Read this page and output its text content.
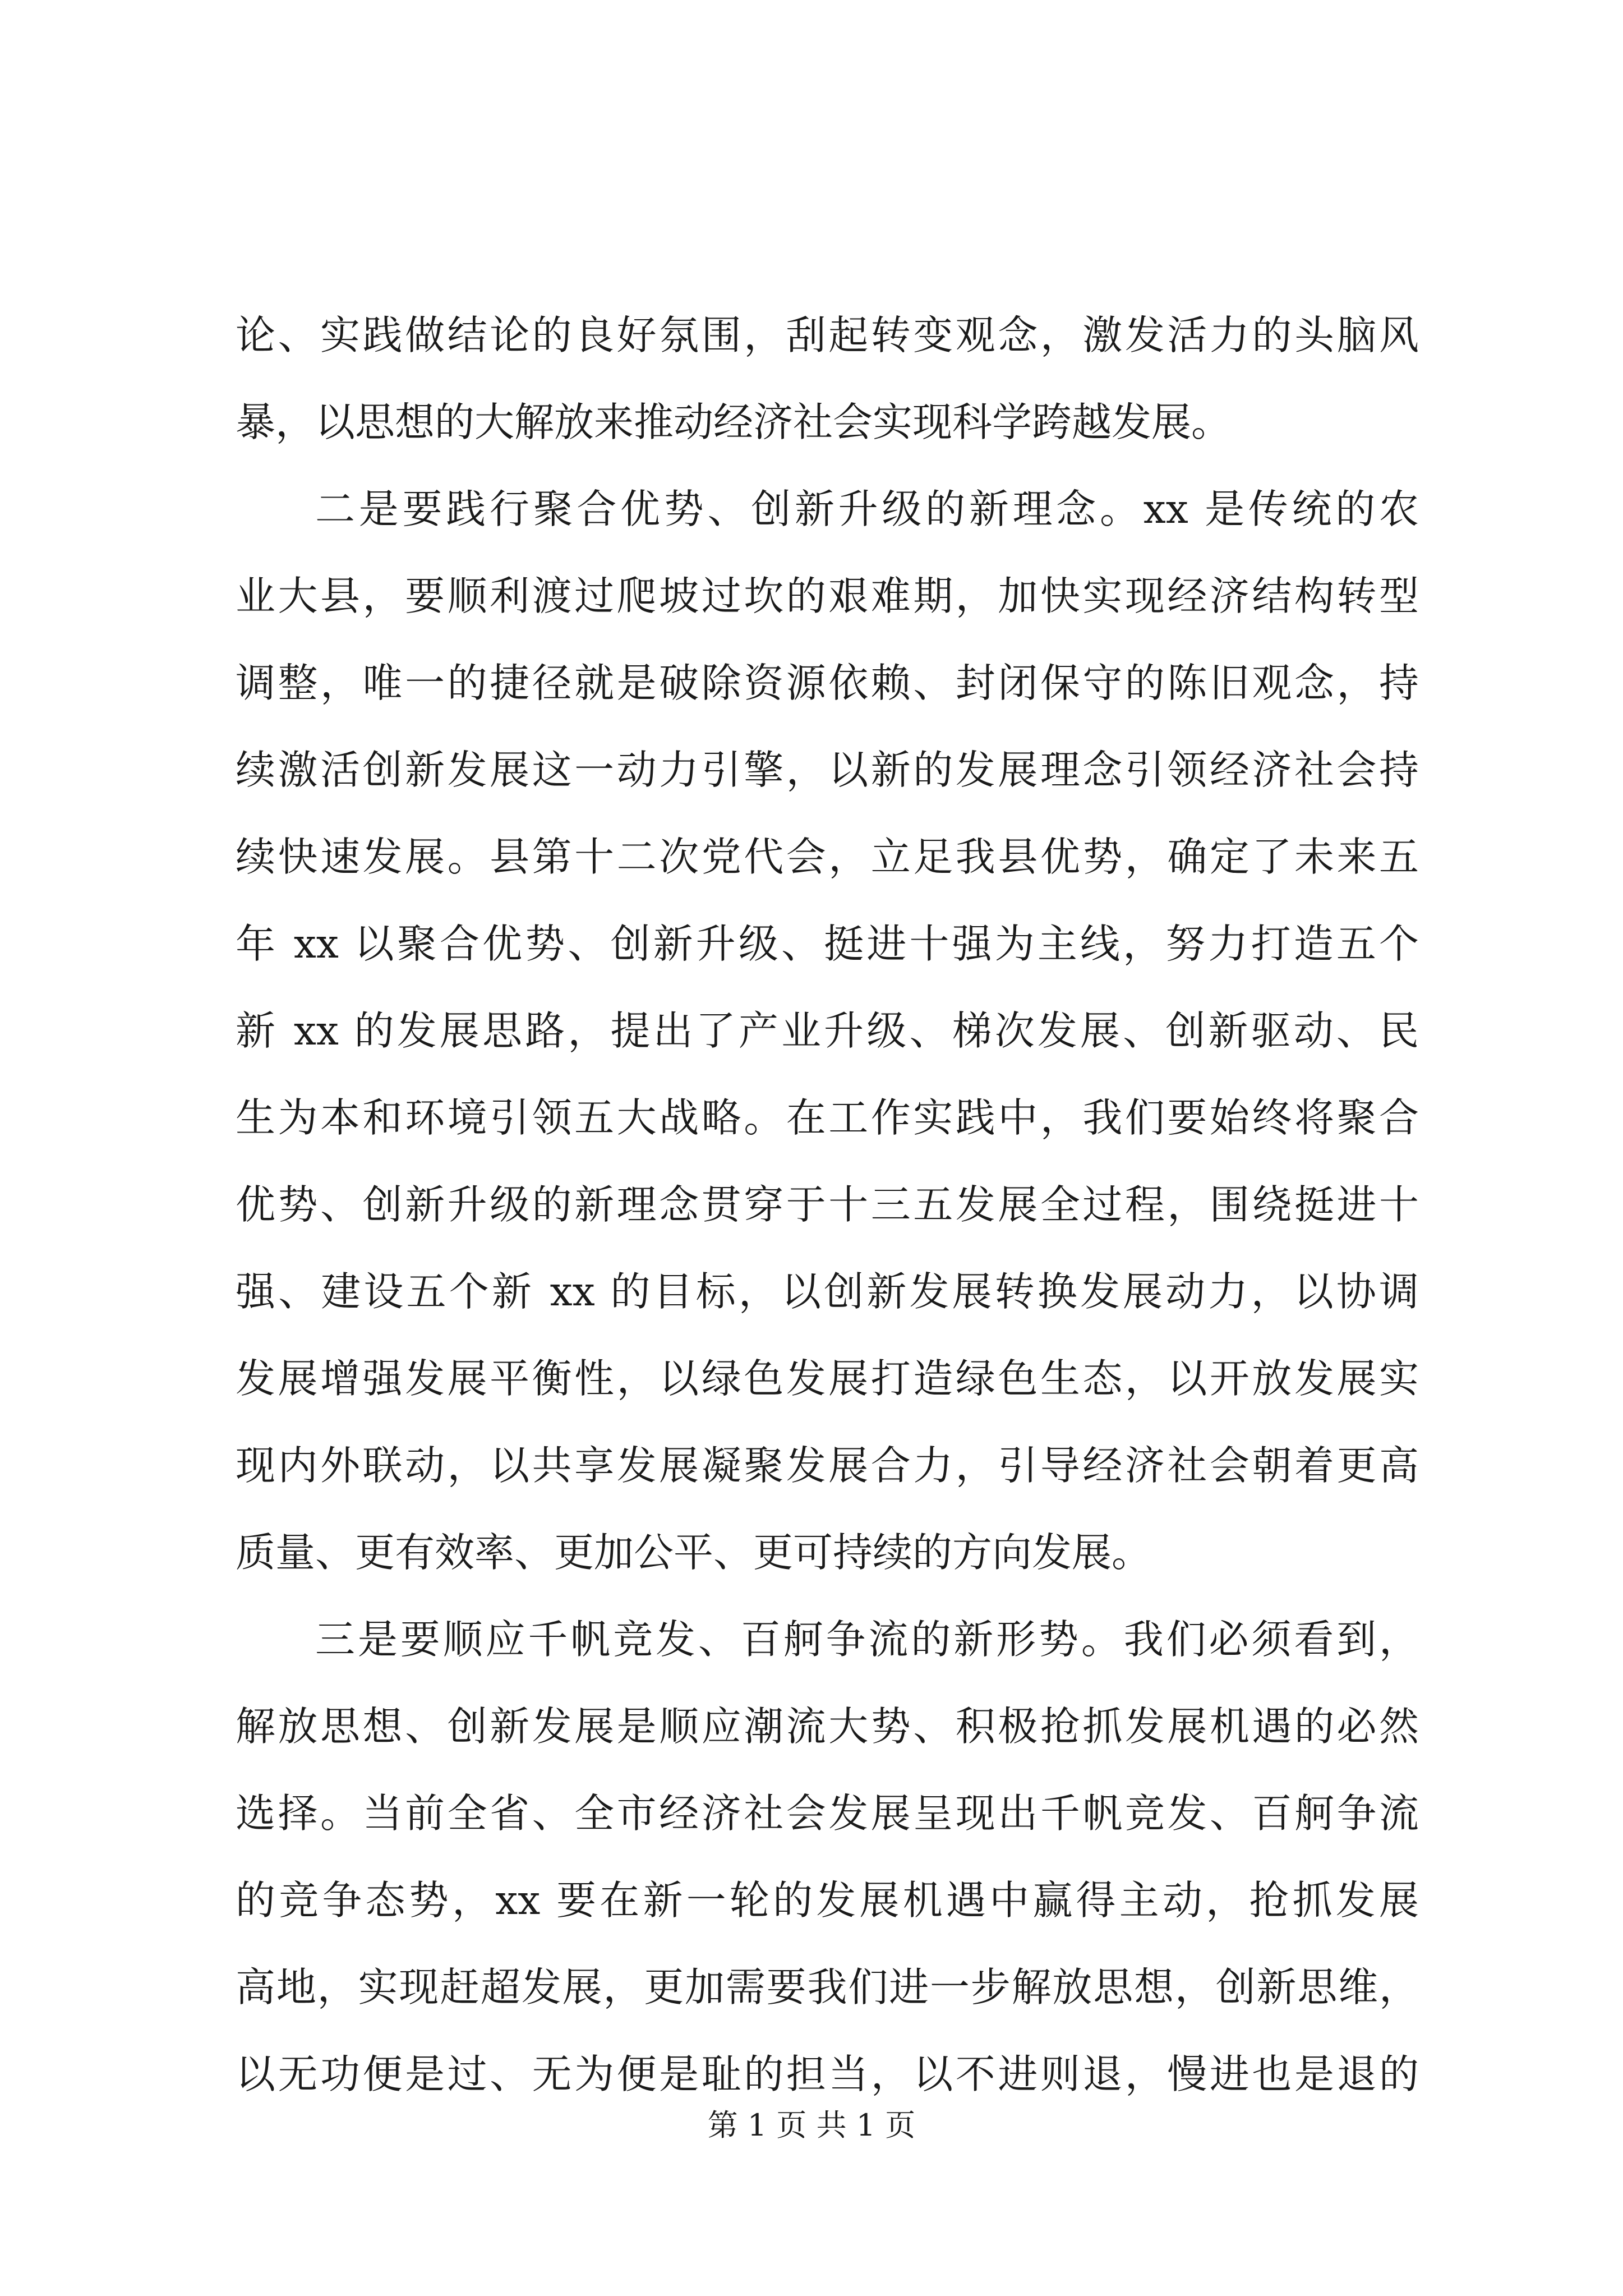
论、实践做结论的良好氛围，刮起转变观念，激发活力的头脑风
暴，以思想的大解放来推动经济社会实现科学跨越发展。
二是要践行聚合优势、创新升级的新理念。xx 是传统的农
业大县，要顺利渡过爬坡过坎的艰难期，加快实现经济结构转型
调整，唯一的捷径就是破除资源依赖、封闭保守的陈旧观念，持
续激活创新发展这一动力引擎，以新的发展理念引领经济社会持
续快速发展。县第十二次党代会，立足我县优势，确定了未来五
年 xx 以聚合优势、创新升级、挺进十强为主线，努力打造五个
新 xx 的发展思路，提出了产业升级、梯次发展、创新驱动、民
生为本和环境引领五大战略。在工作实践中，我们要始终将聚合
优势、创新升级的新理念贯穿于十三五发展全过程，围绕挺进十
强、建设五个新 xx 的目标，以创新发展转换发展动力，以协调
发展增强发展平衡性，以绿色发展打造绿色生态，以开放发展实
现内外联动，以共享发展凝聚发展合力，引导经济社会朝着更高
质量、更有效率、更加公平、更可持续的方向发展。
三是要顺应千帆竞发、百舸争流的新形势。我们必须看到，
解放思想、创新发展是顺应潮流大势、积极抢抓发展机遇的必然
选择。当前全省、全市经济社会发展呈现出千帆竞发、百舸争流
的竞争态势，xx 要在新一轮的发展机遇中赢得主动，抢抓发展
高地，实现赶超发展，更加需要我们进一步解放思想，创新思维，
以无功便是过、无为便是耻的担当，以不进则退，慢进也是退的
第 1 页 共 1 页
